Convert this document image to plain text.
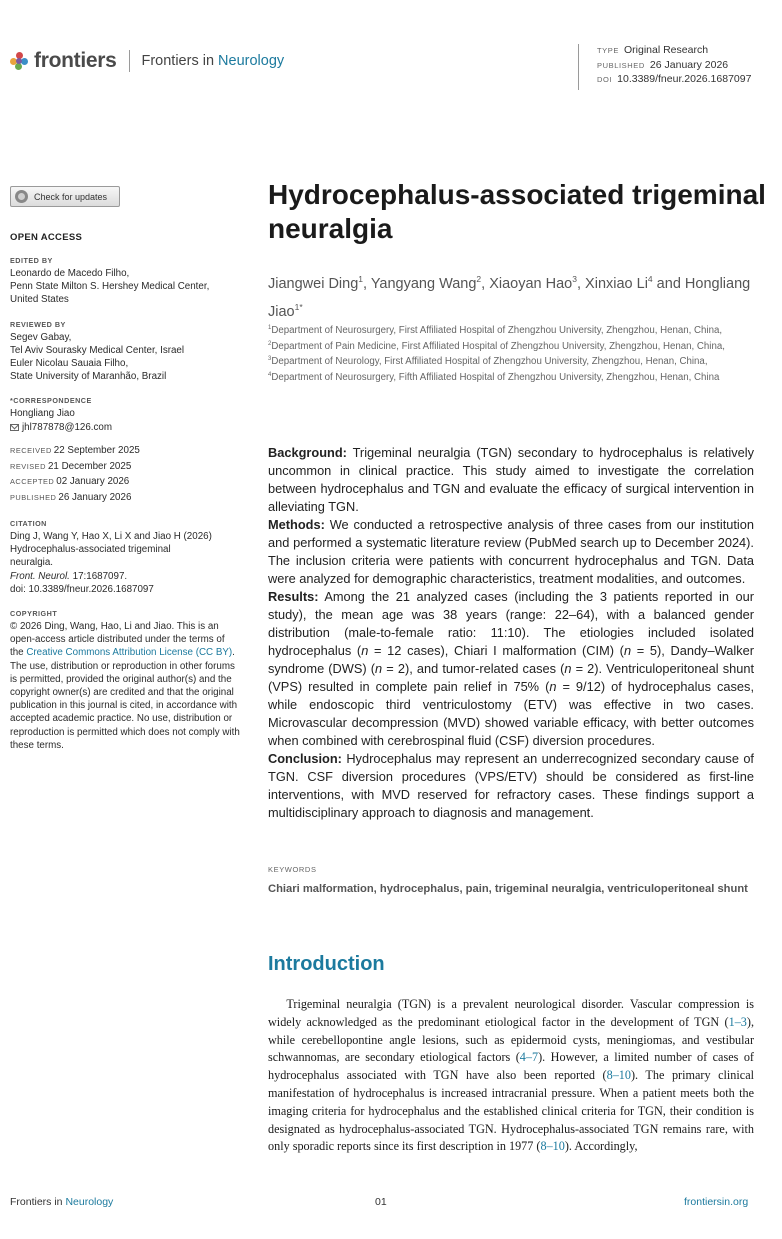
frontiers Frontiers in Neurology
TYPE Original Research
PUBLISHED 26 January 2026
DOI 10.3389/fneur.2026.1687097
Check for updates
OPEN ACCESS
EDITED BY
Leonardo de Macedo Filho,
Penn State Milton S. Hershey Medical Center,
United States
REVIEWED BY
Segev Gabay,
Tel Aviv Sourasky Medical Center, Israel
Euler Nicolau Sauaia Filho,
State University of Maranhão, Brazil
*CORRESPONDENCE
Hongliang Jiao
jhl787878@126.com
RECEIVED 22 September 2025
REVISED 21 December 2025
ACCEPTED 02 January 2026
PUBLISHED 26 January 2026
CITATION
Ding J, Wang Y, Hao X, Li X and Jiao H (2026)
Hydrocephalus-associated trigeminal
neuralgia.
Front. Neurol. 17:1687097.
doi: 10.3389/fneur.2026.1687097
COPYRIGHT
© 2026 Ding, Wang, Hao, Li and Jiao. This is an open-access article distributed under the terms of the Creative Commons Attribution License (CC BY). The use, distribution or reproduction in other forums is permitted, provided the original author(s) and the copyright owner(s) are credited and that the original publication in this journal is cited, in accordance with accepted academic practice. No use, distribution or reproduction is permitted which does not comply with these terms.
Hydrocephalus-associated trigeminal neuralgia
Jiangwei Ding$^1$, Yangyang Wang$^2$, Xiaoyan Hao$^3$, Xinxiao Li$^4$ and Hongliang Jiao$^{1*}$
$^1$Department of Neurosurgery, First Affiliated Hospital of Zhengzhou University, Zhengzhou, Henan, China, $^2$Department of Pain Medicine, First Affiliated Hospital of Zhengzhou University, Zhengzhou, Henan, China, $^3$Department of Neurology, First Affiliated Hospital of Zhengzhou University, Zhengzhou, Henan, China, $^4$Department of Neurosurgery, Fifth Affiliated Hospital of Zhengzhou University, Zhengzhou, Henan, China

Background: Trigeminal neuralgia (TGN) secondary to hydrocephalus is relatively uncommon in clinical practice. This study aimed to investigate the correlation between hydrocephalus and TGN and evaluate the efficacy of surgical intervention in alleviating TGN.

Methods: We conducted a retrospective analysis of three cases from our institution and performed a systematic literature review (PubMed search up to December 2024). The inclusion criteria were patients with concurrent hydrocephalus and TGN. Data were analyzed for demographic characteristics, treatment modalities, and outcomes.

Results: Among the 21 analyzed cases (including the 3 patients reported in our study), the mean age was 38 years (range: 22–64), with a balanced gender distribution (male-to-female ratio: 11:10). The etiologies included isolated hydrocephalus (n = 12 cases), Chiari I malformation (CIM) (n = 5), Dandy–Walker syndrome (DWS) (n = 2), and tumor-related cases (n = 2). Ventriculoperitoneal shunt (VPS) resulted in complete pain relief in 75% (n = 9/12) of hydrocephalus cases, while endoscopic third ventriculostomy (ETV) was effective in two cases. Microvascular decompression (MVD) showed variable efficacy, with better outcomes when combined with cerebrospinal fluid (CSF) diversion procedures.

Conclusion: Hydrocephalus may represent an underrecognized secondary cause of TGN. CSF diversion procedures (VPS/ETV) should be considered as first-line interventions, with MVD reserved for refractory cases. These findings support a multidisciplinary approach to diagnosis and management.

KEYWORDS
Chiari malformation, hydrocephalus, pain, trigeminal neuralgia, ventriculoperitoneal shunt
Introduction
  Trigeminal neuralgia (TGN) is a prevalent neurological disorder. Vascular compression is widely acknowledged as the predominant etiological factor in the development of TGN (1–3), while cerebellopontine angle lesions, such as epidermoid cysts, meningiomas, and vestibular schwannomas, are secondary etiological factors (4–7). However, a limited number of cases of hydrocephalus associated with TGN have also been reported (8–10). The primary clinical manifestation of hydrocephalus is increased intracranial pressure. When a patient meets both the imaging criteria for hydrocephalus and the established clinical criteria for TGN, their condition is designated as hydrocephalus-associated TGN. Hydrocephalus-associated TGN remains rare, with only sporadic reports since its first description in 1977 (8–10). Accordingly,
Frontiers in Neurology	01	frontiersin.org
